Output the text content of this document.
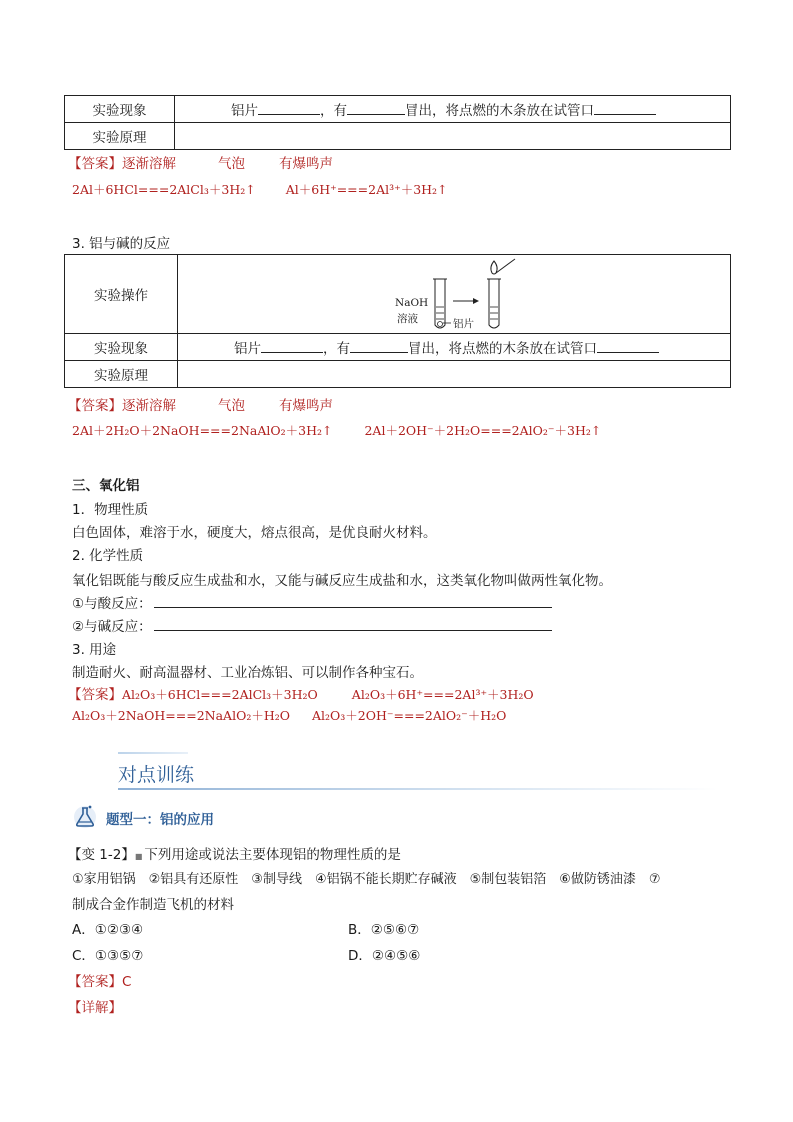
实验现象	铝片 ，有 冒出，将点燃的木条放在试管口
实验原理	
【答案】逐渐溶解	气泡	有爆鸣声
2Al＋6HCl===2AlCl₃＋3H₂↑ Al＋6H⁺===2Al³⁺＋3H₂↑
3. 铝与碱的反应
实验操作	NaOH
溶液 铝片

实验现象	铝片 ，有 冒出，将点燃的木条放在试管口
实验原理	
【答案】逐渐溶解	气泡	有爆鸣声
2Al＋2H₂O＋2NaOH===2NaAlO₂＋3H₂↑	2Al＋2OH⁻＋2H₂O===2AlO₂⁻＋3H₂↑
三、氧化铝
1．物理性质
白色固体，难溶于水，硬度大，熔点很高，是优良耐火材料。
2. 化学性质
氧化铝既能与酸反应生成盐和水，又能与碱反应生成盐和水，这类氧化物叫做两性氧化物。
①与酸反应：
②与碱反应：
3. 用途
制造耐火、耐高温器材、工业冶炼铝、可以制作各种宝石。
【答案】Al₂O₃＋6HCl===2AlCl₃＋3H₂O	Al₂O₃＋6H⁺===2Al³⁺＋3H₂O
Al₂O₃＋2NaOH===2NaAlO₂＋H₂O Al₂O₃＋2OH⁻===2AlO₂⁻＋H₂O
对点训练
题型一：铝的应用
【变 1-2】■ 下列用途或说法主要体现铝的物理性质的是
①家用铝锅　②铝具有还原性　③制导线　④铝锅不能长期贮存碱液　⑤制包装铝箔　⑥做防锈油漆　⑦
制成合金作制造飞机的材料
A．①②③④	B．②⑤⑥⑦
C．①③⑤⑦	D．②④⑤⑥
【答案】C
【详解】
